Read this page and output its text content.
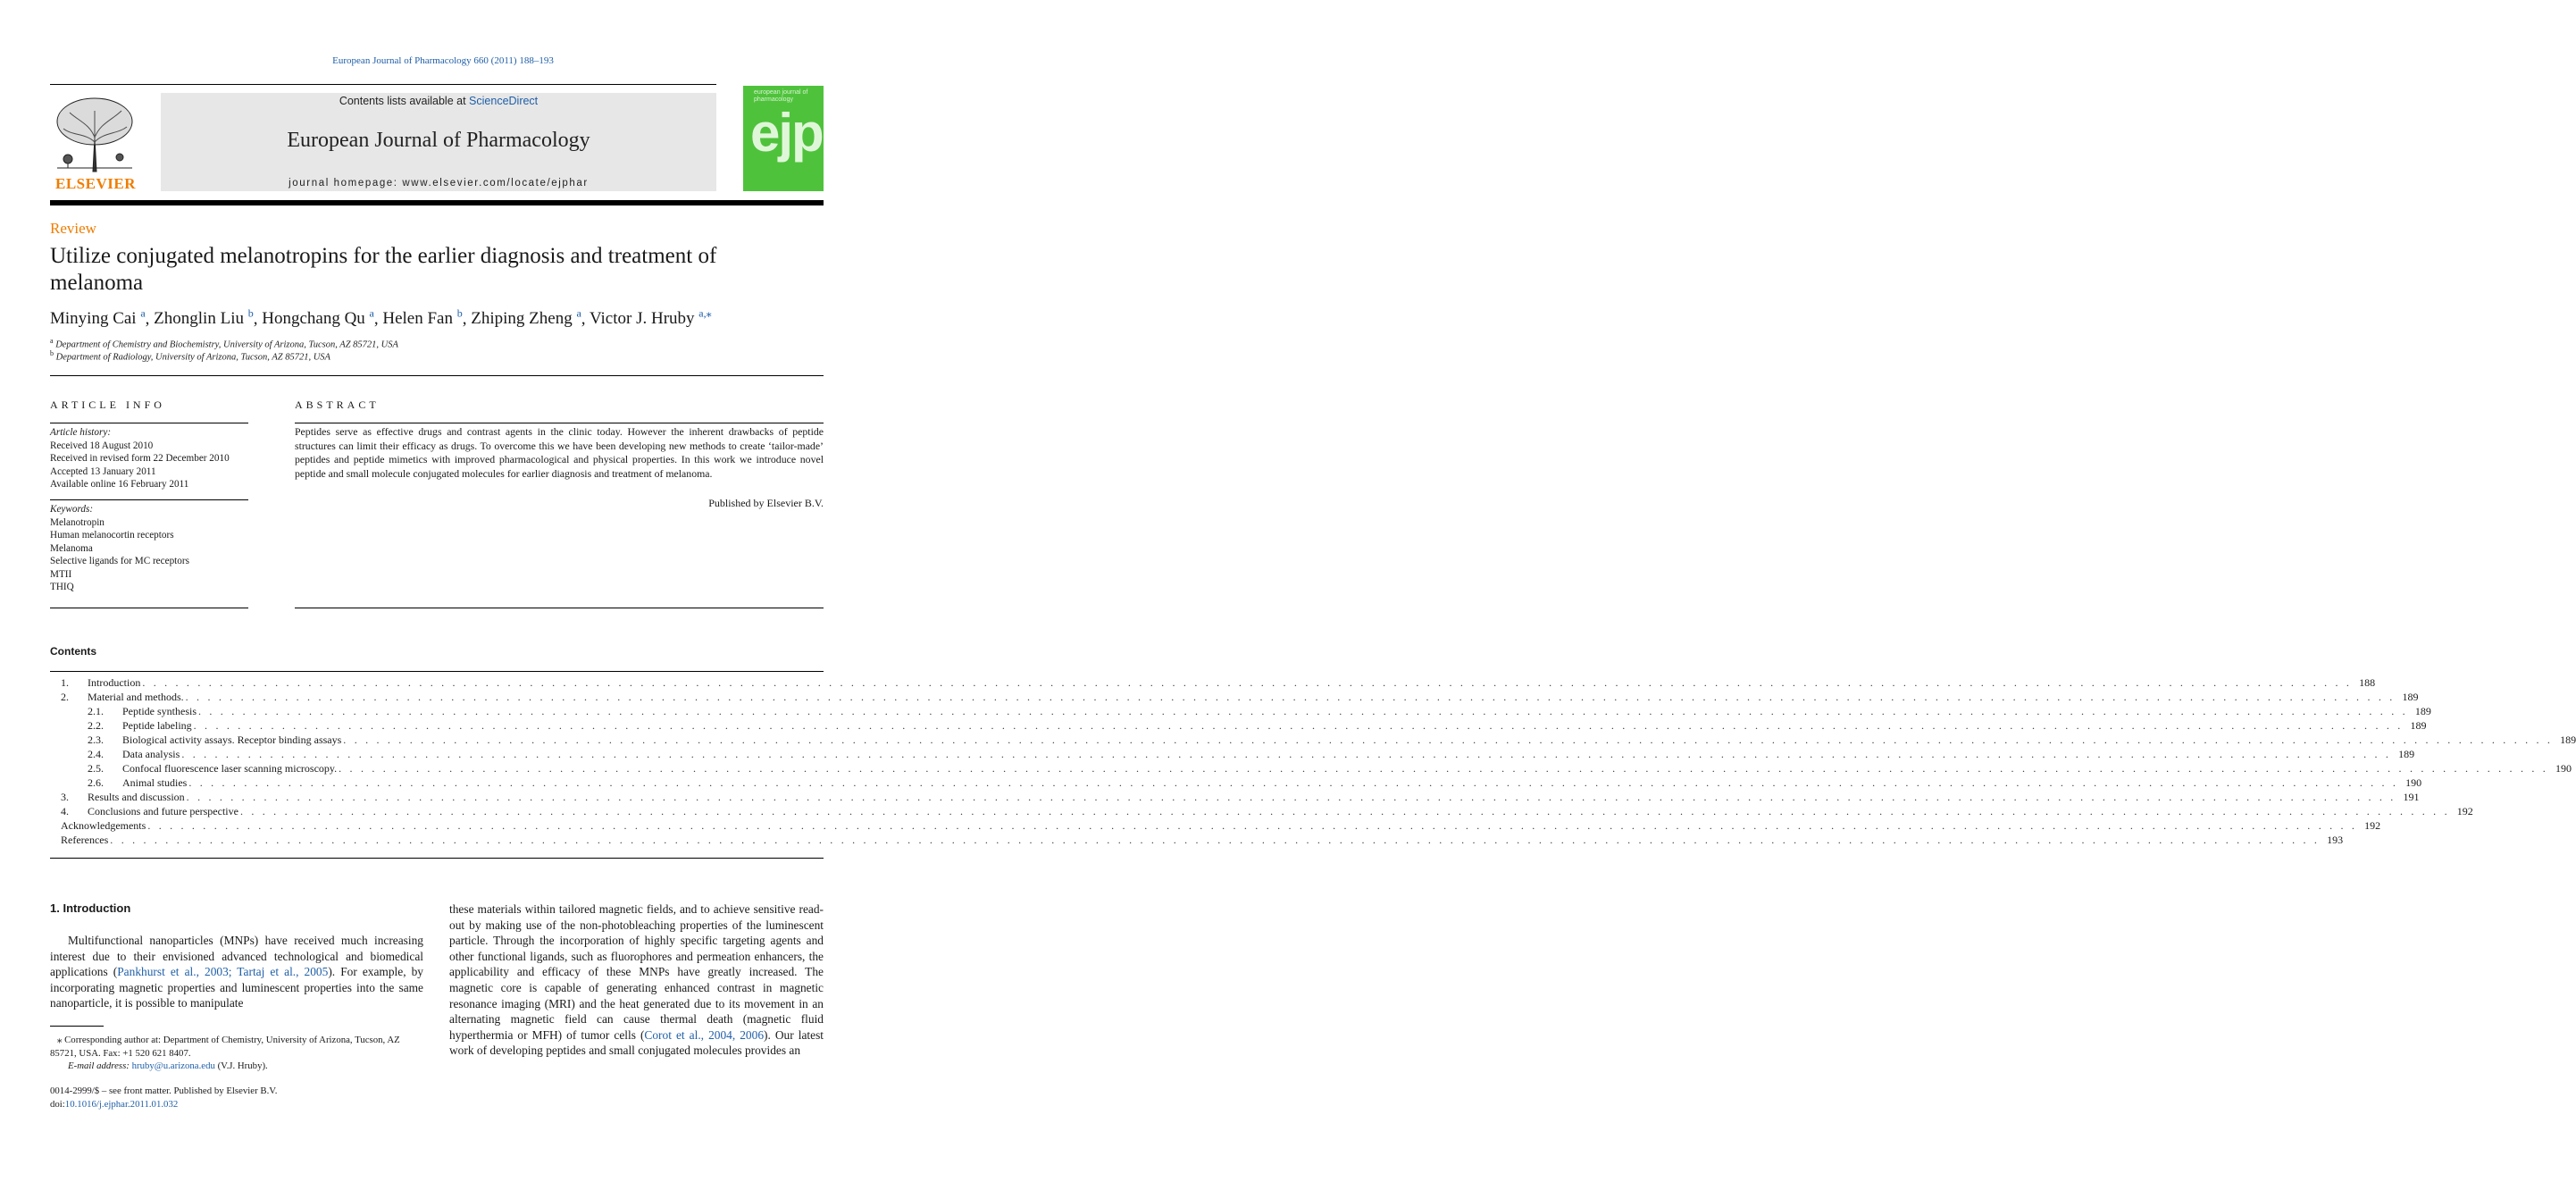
European Journal of Pharmacology 660 (2011) 188–193
ELSEVIER
Contents lists available at ScienceDirect
European Journal of Pharmacology
journal homepage: www.elsevier.com/locate/ejphar
european journal of pharmacology
ejp
Review
Utilize conjugated melanotropins for the earlier diagnosis and treatment of melanoma
Minying Cai $^a$, Zhonglin Liu $^b$, Hongchang Qu $^a$, Helen Fan $^b$, Zhiping Zheng $^a$, Victor J. Hruby $^{a,⁎}$
$^a$ Department of Chemistry and Biochemistry, University of Arizona, Tucson, AZ 85721, USA
$^b$ Department of Radiology, University of Arizona, Tucson, AZ 85721, USA
ARTICLE INFO
Article history:
Received 18 August 2010
Received in revised form 22 December 2010
Accepted 13 January 2011
Available online 16 February 2011
Keywords:
Melanotropin
Human melanocortin receptors
Melanoma
Selective ligands for MC receptors
MTII
THIQ
ABSTRACT
Peptides serve as effective drugs and contrast agents in the clinic today. However the inherent drawbacks of peptide structures can limit their efficacy as drugs. To overcome this we have been developing new methods to create ‘tailor-made’ peptides and peptide mimetics with improved pharmacological and physical properties. In this work we introduce novel peptide and small molecule conjugated molecules for earlier diagnosis and treatment of melanoma.
Published by Elsevier B.V.
Contents
1.	Introduction . . . . . . . . . . . . . . . . . . . . . . . . . . . . . . . . . . . . . . . . . . . . . . . . . . . . . . . . . . . . . . . . . . . . . . . . . . . . . . . . . . . . . . . . . . . . . . . . . . . . . . . . . . . . . . . . . . . . . . . . . . . . . . . . . . . . . . . . . . . . . . . . . . . . . . . . . . . . . . . . . . . . . . . . . . . . . . . . . . . . . . . . . . . . . . . . . . . . . . . . 188
2.	Material and methods. . . . . . . . . . . . . . . . . . . . . . . . . . . . . . . . . . . . . . . . . . . . . . . . . . . . . . . . . . . . . . . . . . . . . . . . . . . . . . . . . . . . . . . . . . . . . . . . . . . . . . . . . . . . . . . . . . . . . . . . . . . . . . . . . . . . . . . . . . . . . . . . . . . . . . . . . . . . . . . . . . . . . . . . . . . . . . . . . . . . . . . . . . . . . . . . . . . . . . . . . 189
2.1.	Peptide synthesis . . . . . . . . . . . . . . . . . . . . . . . . . . . . . . . . . . . . . . . . . . . . . . . . . . . . . . . . . . . . . . . . . . . . . . . . . . . . . . . . . . . . . . . . . . . . . . . . . . . . . . . . . . . . . . . . . . . . . . . . . . . . . . . . . . . . . . . . . . . . . . . . . . . . . . . . . . . . . . . . . . . . . . . . . . . . . . . . . . . . . . . . . . . . . . . . . . . . . . . . 189
2.2.	Peptide labeling . . . . . . . . . . . . . . . . . . . . . . . . . . . . . . . . . . . . . . . . . . . . . . . . . . . . . . . . . . . . . . . . . . . . . . . . . . . . . . . . . . . . . . . . . . . . . . . . . . . . . . . . . . . . . . . . . . . . . . . . . . . . . . . . . . . . . . . . . . . . . . . . . . . . . . . . . . . . . . . . . . . . . . . . . . . . . . . . . . . . . . . . . . . . . . . . . . . . . . . . 189
2.3.	Biological activity assays. Receptor binding assays . . . . . . . . . . . . . . . . . . . . . . . . . . . . . . . . . . . . . . . . . . . . . . . . . . . . . . . . . . . . . . . . . . . . . . . . . . . . . . . . . . . . . . . . . . . . . . . . . . . . . . . . . . . . . . . . . . . . . . . . . . . . . . . . . . . . . . . . . . . . . . . . . . . . . . . . . . . . . . . . . . . . . . . . . . . . . . . . . . . . . . . . . . . . . . . . . . . . . . . . 189
2.4.	Data analysis . . . . . . . . . . . . . . . . . . . . . . . . . . . . . . . . . . . . . . . . . . . . . . . . . . . . . . . . . . . . . . . . . . . . . . . . . . . . . . . . . . . . . . . . . . . . . . . . . . . . . . . . . . . . . . . . . . . . . . . . . . . . . . . . . . . . . . . . . . . . . . . . . . . . . . . . . . . . . . . . . . . . . . . . . . . . . . . . . . . . . . . . . . . . . . . . . . . . . . . . 189
2.5.	Confocal fluorescence laser scanning microscopy. . . . . . . . . . . . . . . . . . . . . . . . . . . . . . . . . . . . . . . . . . . . . . . . . . . . . . . . . . . . . . . . . . . . . . . . . . . . . . . . . . . . . . . . . . . . . . . . . . . . . . . . . . . . . . . . . . . . . . . . . . . . . . . . . . . . . . . . . . . . . . . . . . . . . . . . . . . . . . . . . . . . . . . . . . . . . . . . . . . . . . . . . . . . . . . . . . . . . . . . . 190
2.6.	Animal studies . . . . . . . . . . . . . . . . . . . . . . . . . . . . . . . . . . . . . . . . . . . . . . . . . . . . . . . . . . . . . . . . . . . . . . . . . . . . . . . . . . . . . . . . . . . . . . . . . . . . . . . . . . . . . . . . . . . . . . . . . . . . . . . . . . . . . . . . . . . . . . . . . . . . . . . . . . . . . . . . . . . . . . . . . . . . . . . . . . . . . . . . . . . . . . . . . . . . . . . . 190
3.	Results and discussion . . . . . . . . . . . . . . . . . . . . . . . . . . . . . . . . . . . . . . . . . . . . . . . . . . . . . . . . . . . . . . . . . . . . . . . . . . . . . . . . . . . . . . . . . . . . . . . . . . . . . . . . . . . . . . . . . . . . . . . . . . . . . . . . . . . . . . . . . . . . . . . . . . . . . . . . . . . . . . . . . . . . . . . . . . . . . . . . . . . . . . . . . . . . . . . . . . . . . . . . 191
4.	Conclusions and future perspective . . . . . . . . . . . . . . . . . . . . . . . . . . . . . . . . . . . . . . . . . . . . . . . . . . . . . . . . . . . . . . . . . . . . . . . . . . . . . . . . . . . . . . . . . . . . . . . . . . . . . . . . . . . . . . . . . . . . . . . . . . . . . . . . . . . . . . . . . . . . . . . . . . . . . . . . . . . . . . . . . . . . . . . . . . . . . . . . . . . . . . . . . . . . . . . . . . . . . . . . 192
Acknowledgements . . . . . . . . . . . . . . . . . . . . . . . . . . . . . . . . . . . . . . . . . . . . . . . . . . . . . . . . . . . . . . . . . . . . . . . . . . . . . . . . . . . . . . . . . . . . . . . . . . . . . . . . . . . . . . . . . . . . . . . . . . . . . . . . . . . . . . . . . . . . . . . . . . . . . . . . . . . . . . . . . . . . . . . . . . . . . . . . . . . . . . . . . . . . . . . . . . . . . . . . 192
References . . . . . . . . . . . . . . . . . . . . . . . . . . . . . . . . . . . . . . . . . . . . . . . . . . . . . . . . . . . . . . . . . . . . . . . . . . . . . . . . . . . . . . . . . . . . . . . . . . . . . . . . . . . . . . . . . . . . . . . . . . . . . . . . . . . . . . . . . . . . . . . . . . . . . . . . . . . . . . . . . . . . . . . . . . . . . . . . . . . . . . . . . . . . . . . . . . . . . . . . 193
1. Introduction
Multifunctional nanoparticles (MNPs) have received much increasing interest due to their envisioned advanced technological and biomedical applications (Pankhurst et al., 2003; Tartaj et al., 2005). For example, by incorporating magnetic properties and luminescent properties into the same nanoparticle, it is possible to manipulate
these materials within tailored magnetic fields, and to achieve sensitive read-out by making use of the non-photobleaching properties of the luminescent particle. Through the incorporation of highly specific targeting agents and other functional ligands, such as fluorophores and permeation enhancers, the applicability and efficacy of these MNPs have greatly increased. The magnetic core is capable of generating enhanced contrast in magnetic resonance imaging (MRI) and the heat generated due to its movement in an alternating magnetic field can cause thermal death (magnetic fluid hyperthermia or MFH) of tumor cells (Corot et al., 2004, 2006). Our latest work of developing peptides and small conjugated molecules provides an
⁎ Corresponding author at: Department of Chemistry, University of Arizona, Tucson, AZ 85721, USA. Fax: +1 520 621 8407.
E-mail address: hruby@u.arizona.edu (V.J. Hruby).
0014-2999/$ – see front matter. Published by Elsevier B.V.
doi:10.1016/j.ejphar.2011.01.032
